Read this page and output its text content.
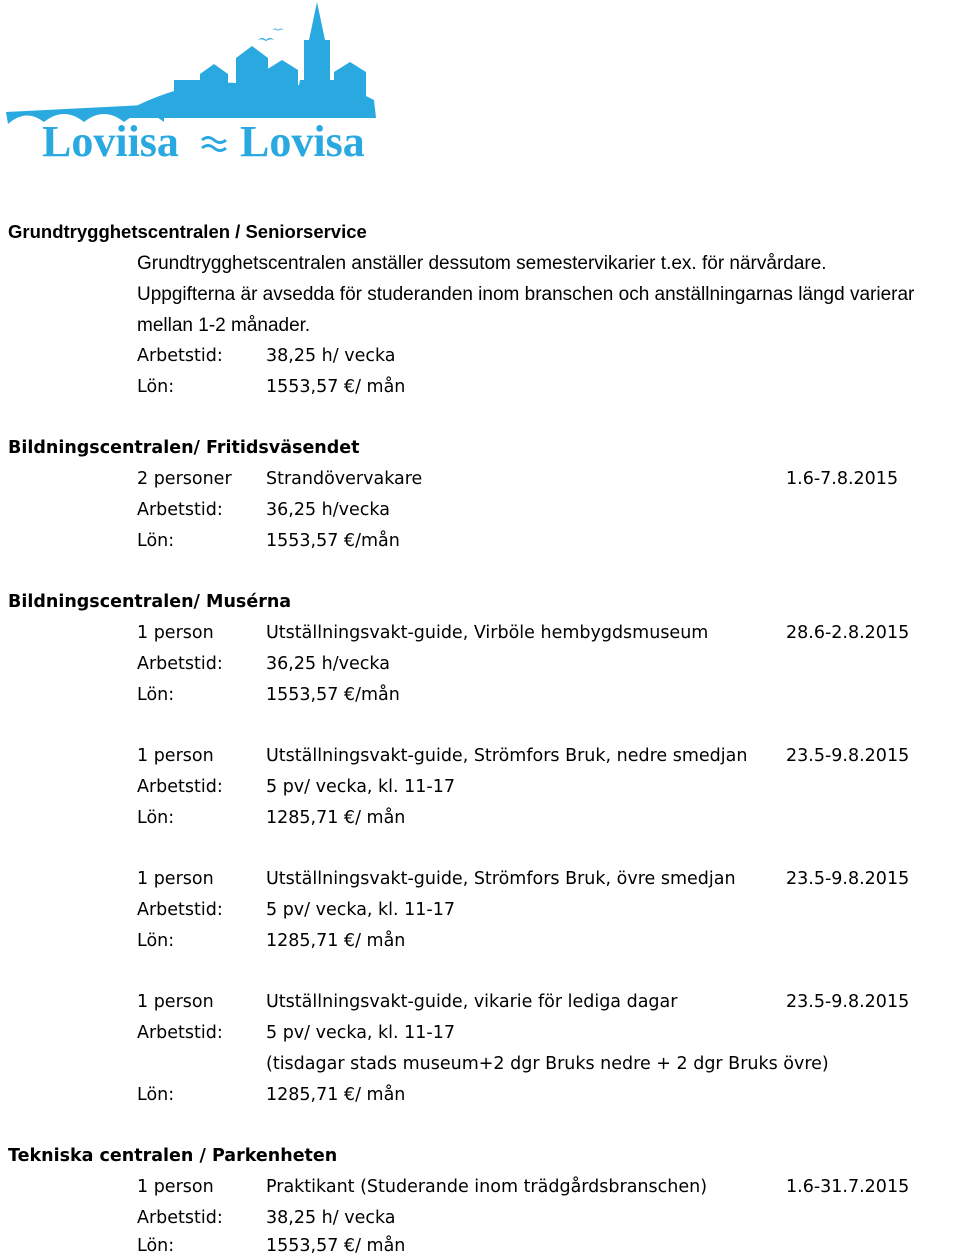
Loviisa Lovisa
Grundtrygghetscentralen / Seniorservice
Grundtrygghetscentralen anställer dessutom semestervikarier t.ex. för närvårdare.
Uppgifterna är avsedda för studeranden inom branschen och anställningarnas längd varierar
mellan 1-2 månader.
Arbetstid: 38,25 h/ vecka
Lön:	1553,57 €/ mån
Bildningscentralen/ Fritidsväsendet
2 personer Strandövervakare	1.6-7.8.2015
Arbetstid: 36,25 h/vecka
Lön:	1553,57 €/mån
Bildningscentralen/ Musérna
1 person	Utställningsvakt-guide, Virböle hembygdsmuseum	28.6-2.8.2015
Arbetstid: 36,25 h/vecka
Lön:	1553,57 €/mån
1 person	Utställningsvakt-guide, Strömfors Bruk, nedre smedjan 23.5-9.8.2015
Arbetstid: 5 pv/ vecka, kl. 11-17
Lön:	1285,71 €/ mån
1 person	Utställningsvakt-guide, Strömfors Bruk, övre smedjan	23.5-9.8.2015
Arbetstid: 5 pv/ vecka, kl. 11-17
Lön:	1285,71 €/ mån
1 person	Utställningsvakt-guide, vikarie för lediga dagar	23.5-9.8.2015
Arbetstid: 5 pv/ vecka, kl. 11-17
(tisdagar stads museum+2 dgr Bruks nedre + 2 dgr Bruks övre)
Lön:	1285,71 €/ mån
Tekniska centralen / Parkenheten
1 person	Praktikant (Studerande inom trädgårdsbranschen)	1.6-31.7.2015
Arbetstid: 38,25 h/ vecka
Lön:	1553,57 €/ mån
